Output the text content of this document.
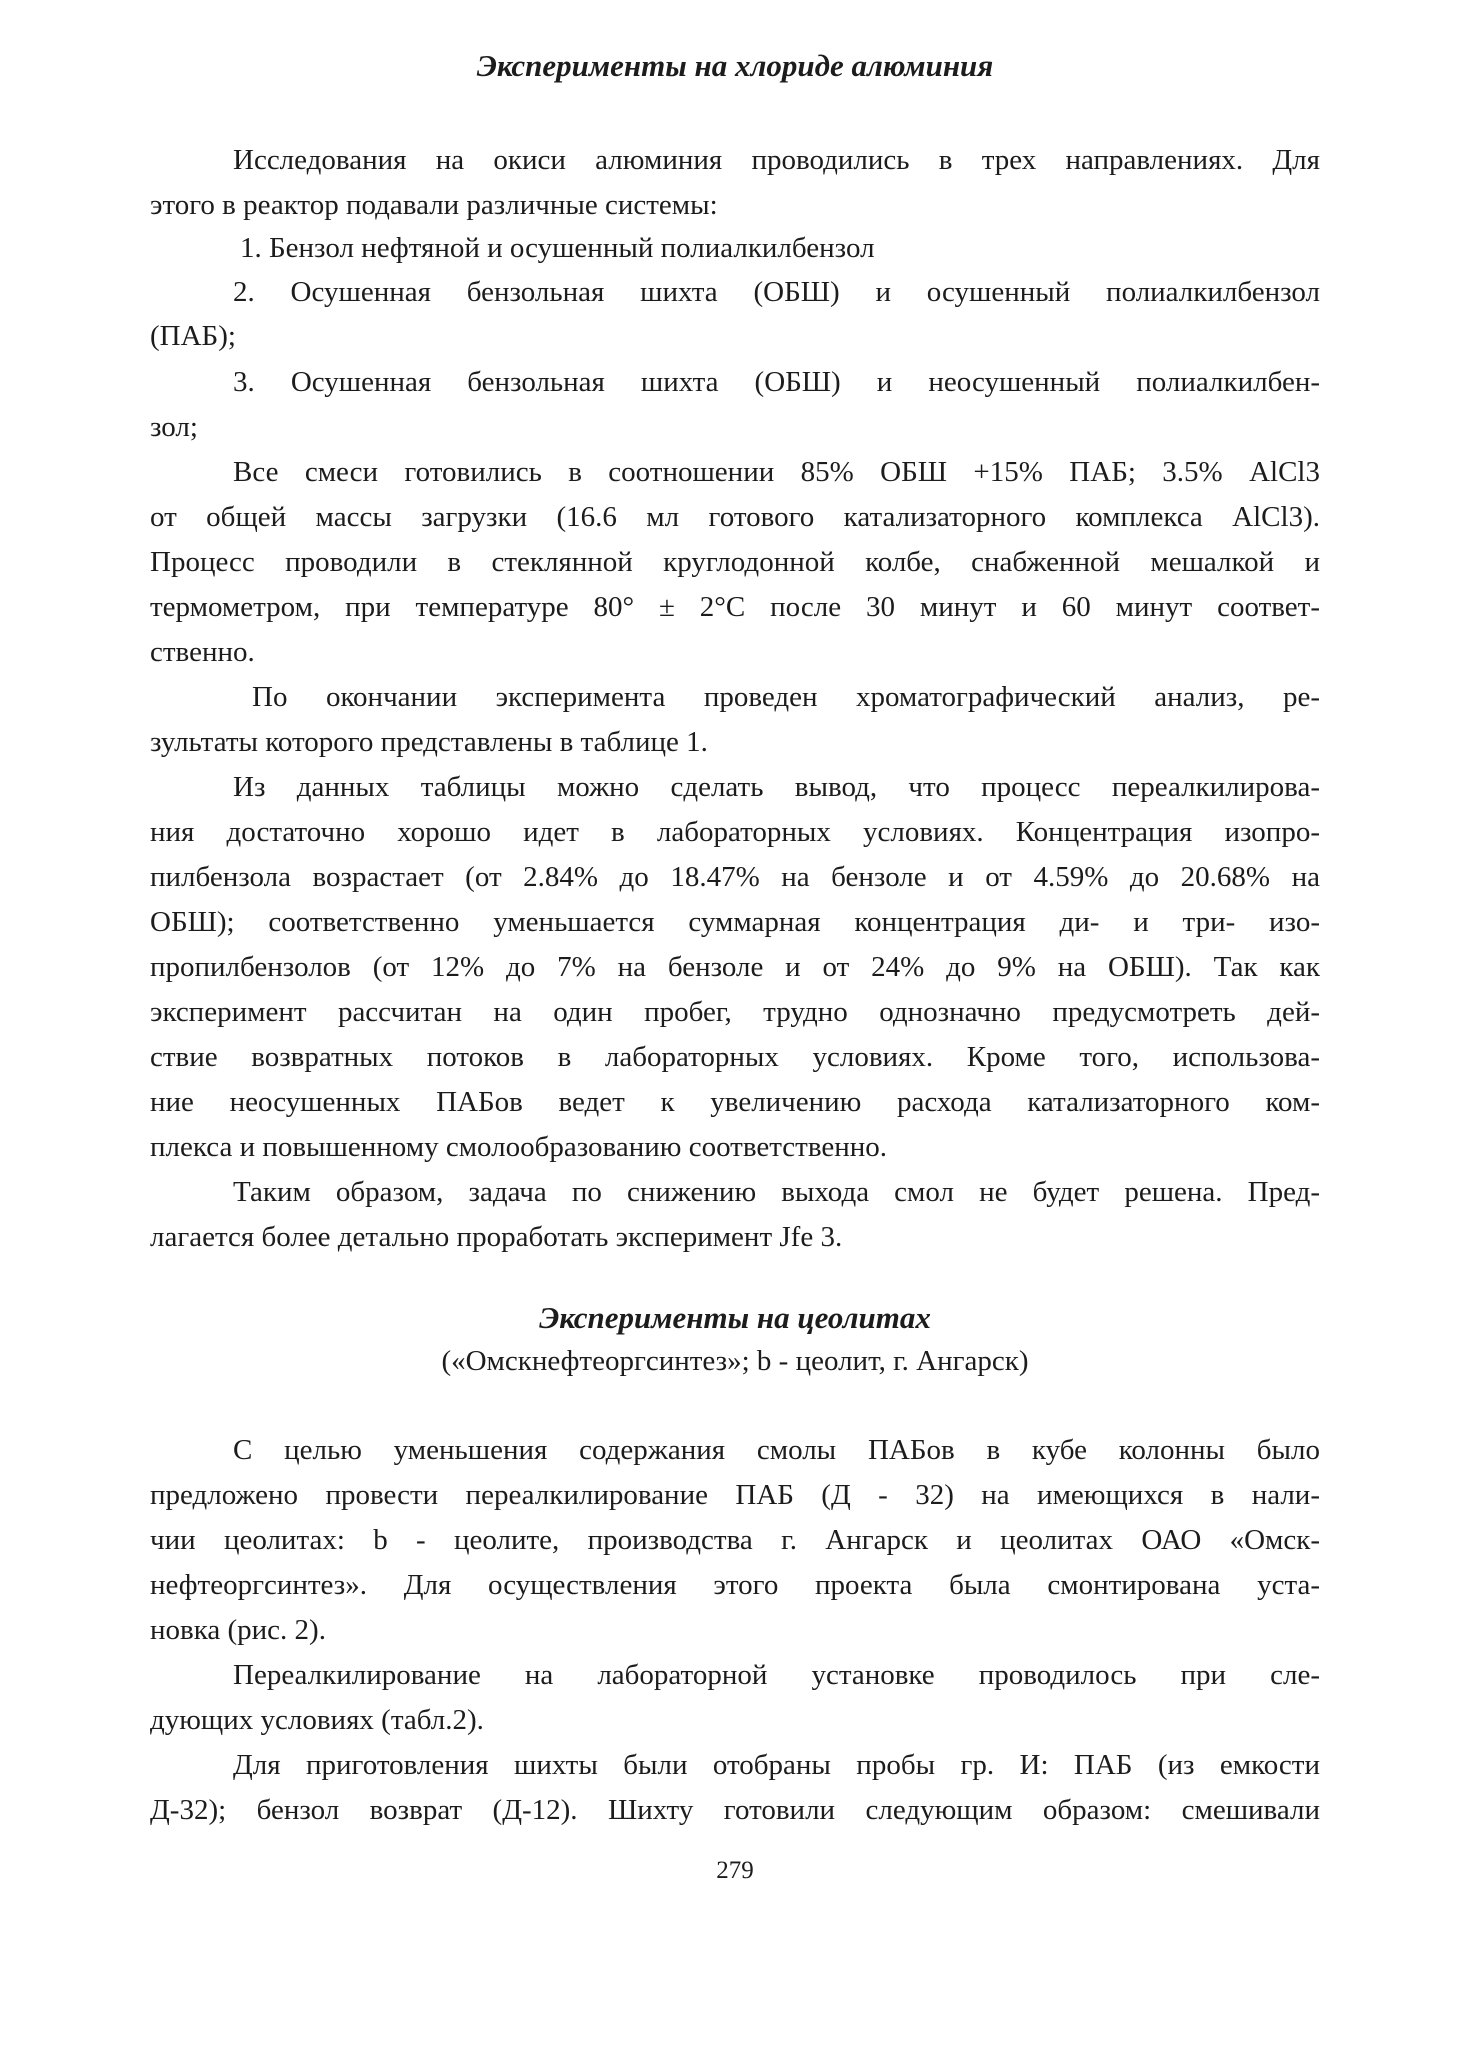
Эксперименты на хлориде алюминия
Исследования на окиси алюминия проводились в трех направлениях. Для
этого в реактор подавали различные системы:
1. Бензол нефтяной и осушенный полиалкилбензол
2. Осушенная бензольная шихта (ОБШ) и осушенный полиалкилбензол
(ПАБ);
3. Осушенная бензольная шихта (ОБШ) и неосушенный полиалкилбен-
зол;
Все смеси готовились в соотношении 85% ОБШ +15% ПАБ; 3.5% AlCl3
от общей массы загрузки (16.6 мл готового катализаторного комплекса AlCl3).
Процесс проводили в стеклянной круглодонной колбе, снабженной мешалкой и
термометром, при температуре 80° ± 2°С после 30 минут и 60 минут соответ-
ственно.
По окончании эксперимента проведен хроматографический анализ, ре-
зультаты которого представлены в таблице 1.
Из данных таблицы можно сделать вывод, что процесс переалкилирова-
ния достаточно хорошо идет в лабораторных условиях. Концентрация изопро-
пилбензола возрастает (от 2.84% до 18.47% на бензоле и от 4.59% до 20.68% на
ОБШ); соответственно уменьшается суммарная концентрация ди- и три- изо-
пропилбензолов (от 12% до 7% на бензоле и от 24% до 9% на ОБШ). Так как
эксперимент рассчитан на один пробег, трудно однозначно предусмотреть дей-
ствие возвратных потоков в лабораторных условиях. Кроме того, использова-
ние неосушенных ПАБов ведет к увеличению расхода катализаторного ком-
плекса и повышенному смолообразованию соответственно.
Таким образом, задача по снижению выхода смол не будет решена. Пред-
лагается более детально проработать эксперимент Jfe 3.
Эксперименты на цеолитах
(«Омскнефтеоргсинтез»; b - цеолит, г. Ангарск)
С целью уменьшения содержания смолы ПАБов в кубе колонны было
предложено провести переалкилирование ПАБ (Д - 32) на имеющихся в нали-
чии цеолитах: b - цеолите, производства г. Ангарск и цеолитах ОАО «Омск-
нефтеоргсинтез». Для осуществления этого проекта была смонтирована уста-
новка (рис. 2).
Переалкилирование на лабораторной установке проводилось при сле-
дующих условиях (табл.2).
Для приготовления шихты были отобраны пробы гр. И: ПАБ (из емкости
Д-32); бензол возврат (Д-12). Шихту готовили следующим образом: смешивали
279
